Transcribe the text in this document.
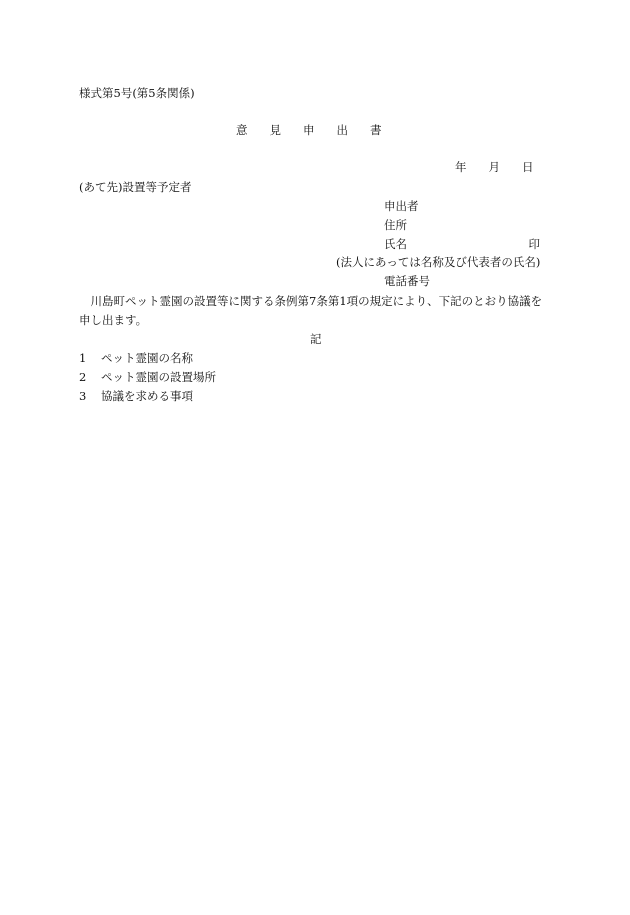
様式第5号(第5条関係)
意 見 申 出 書
年 月 日
(あて先)設置等予定者
申出者
住所
氏名	印
(法人にあっては名称及び代表者の氏名)
電話番号
川島町ペット霊園の設置等に関する条例第7条第1項の規定により、下記のとおり協議を申し出ます。
記
1 ペット霊園の名称
2 ペット霊園の設置場所
3 協議を求める事項
